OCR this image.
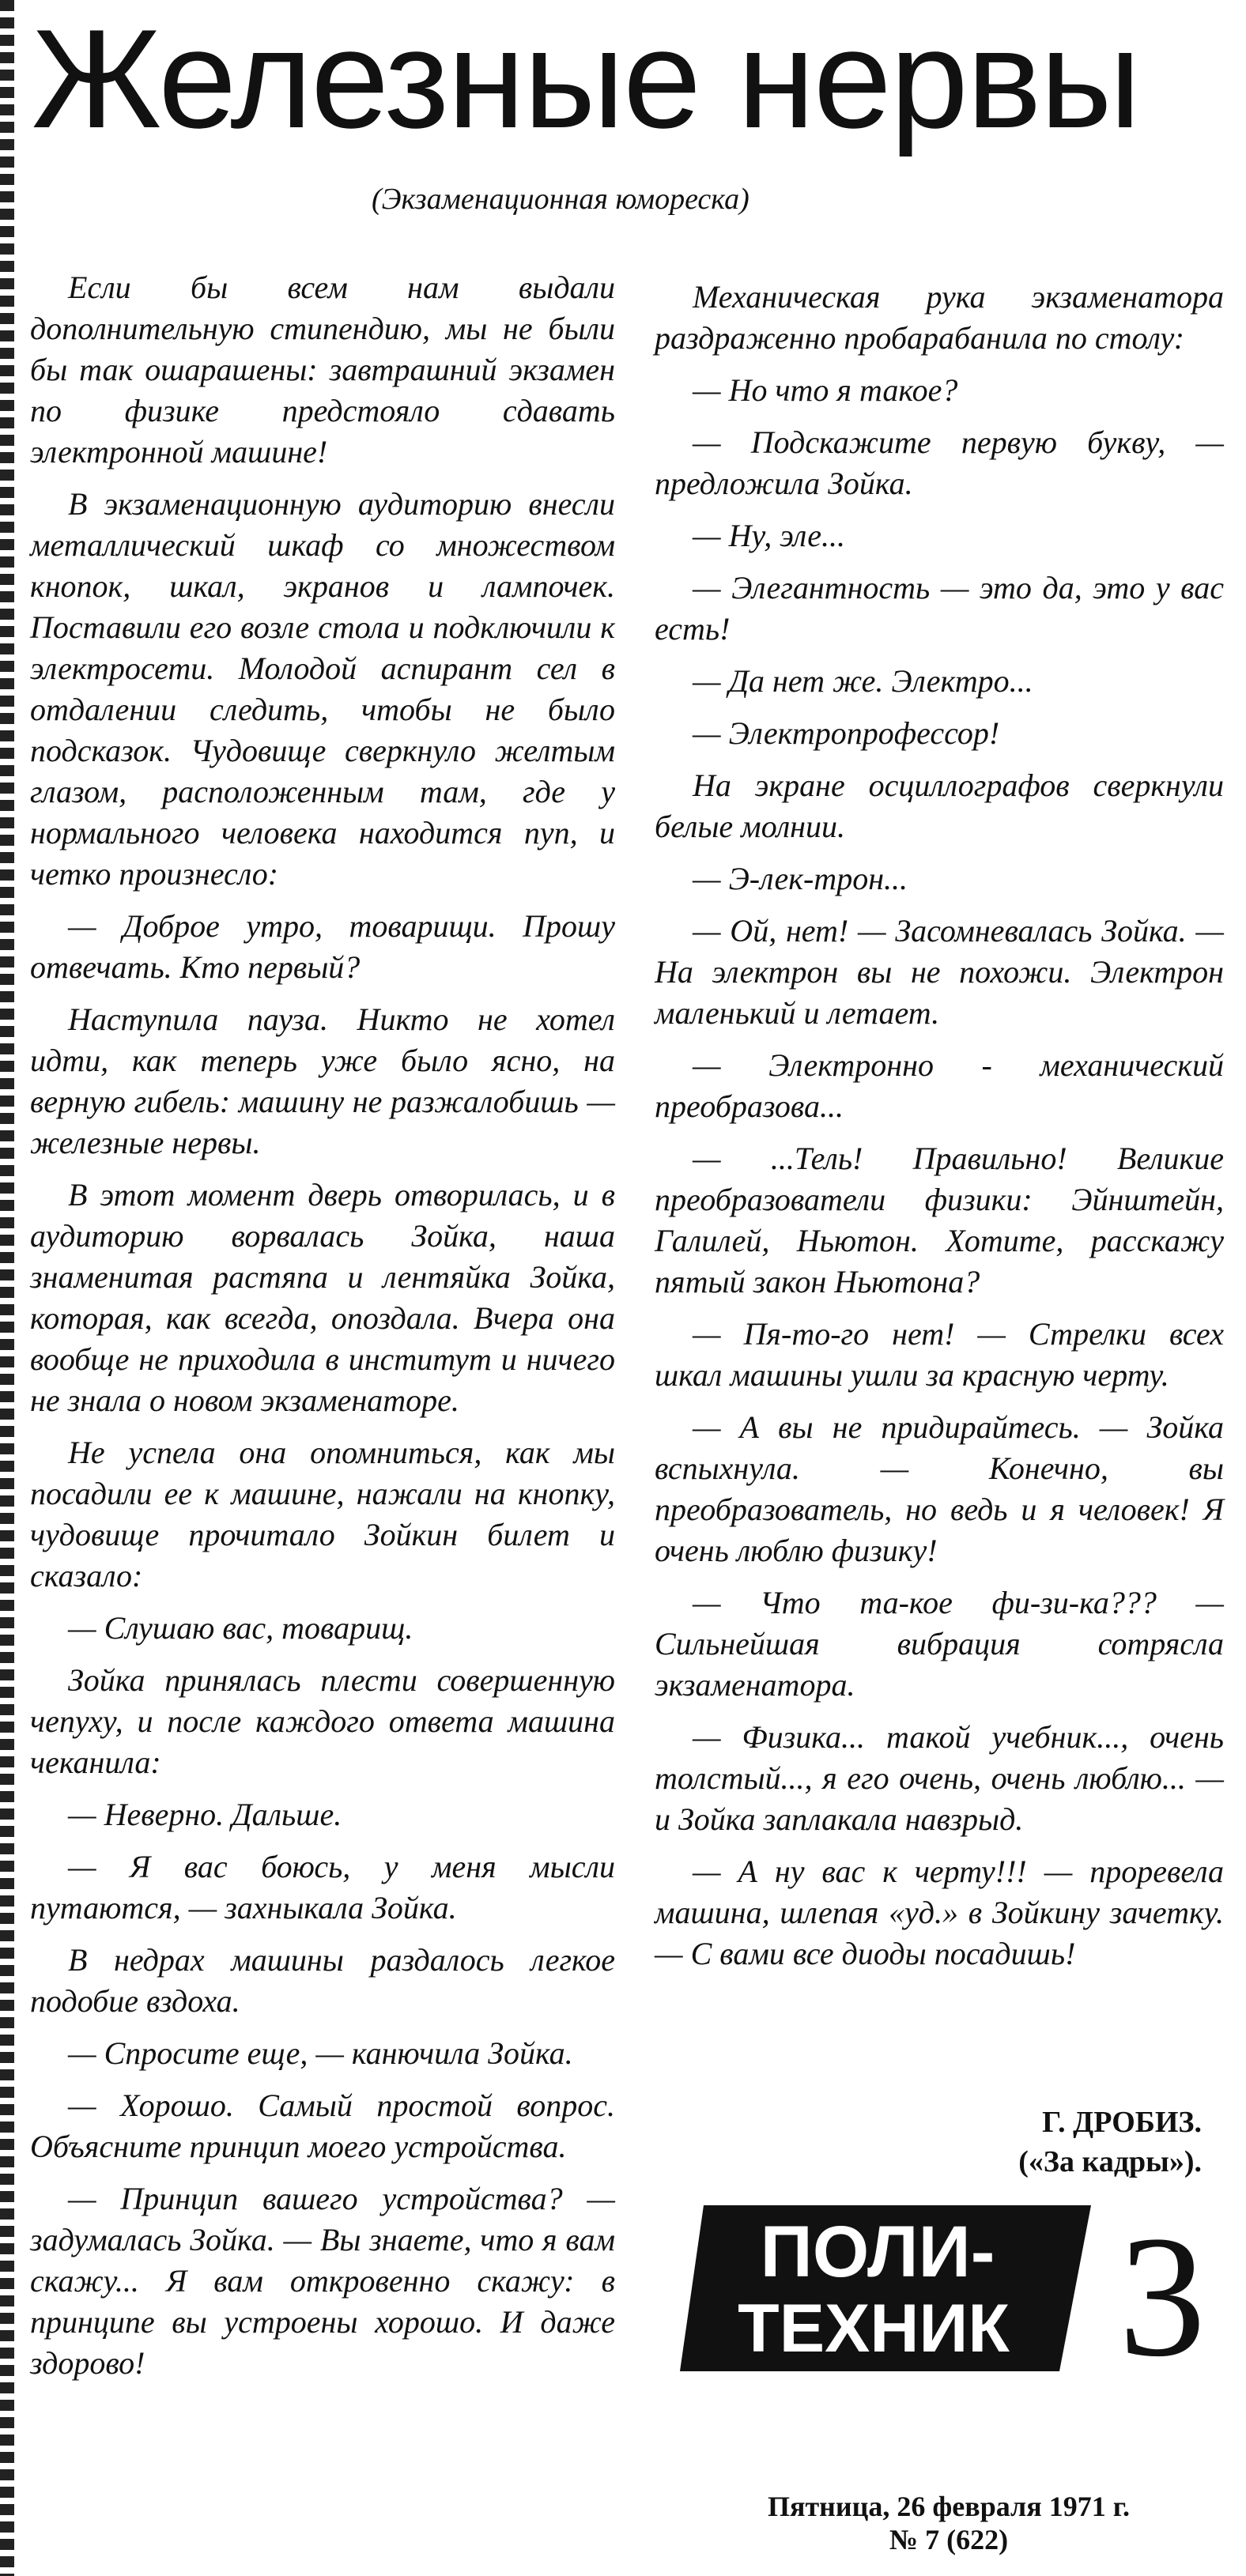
Железные нервы
(Экзаменационная юмореска)

Если бы всем нам выдали дополнительную стипендию, мы не были бы так ошарашены: завтрашний экзамен по физике предстояло сдавать электронной машине!

В экзаменационную аудиторию внесли металлический шкаф со множеством кнопок, шкал, экранов и лампочек. Поставили его возле стола и подключили к электросети. Молодой аспирант сел в отдалении следить, чтобы не было подсказок. Чудовище сверкнуло желтым глазом, расположенным там, где у нормального человека находится пуп, и четко произнесло:

— Доброе утро, товарищи. Прошу отвечать. Кто первый?

Наступила пауза. Никто не хотел идти, как теперь уже было ясно, на верную гибель: машину не разжалобишь — железные нервы.

В этот момент дверь отворилась, и в аудиторию ворвалась Зойка, наша знаменитая растяпа и лентяйка Зойка, которая, как всегда, опоздала. Вчера она вообще не приходила в институт и ничего не знала о новом экзаменаторе.

Не успела она опомниться, как мы посадили ее к машине, нажали на кнопку, чудовище прочитало Зойкин билет и сказало:

— Слушаю вас, товарищ.

Зойка принялась плести совершенную чепуху, и после каждого ответа машина чеканила:

— Неверно. Дальше.

— Я вас боюсь, у меня мысли путаются, — захныкала Зойка.

В недрах машины раздалось легкое подобие вздоха.

— Спросите еще, — канючила Зойка.

— Хорошо. Самый простой вопрос. Объясните принцип моего устройства.

— Принцип вашего устройства? — задумалась Зойка. — Вы знаете, что я вам скажу... Я вам откровенно скажу: в принципе вы устроены хорошо. И даже здорово!

Механическая рука экзаменатора раздраженно пробарабанила по столу:

— Но что я такое?

— Подскажите первую букву, — предложила Зойка.

— Ну, эле...

— Элегантность — это да, это у вас есть!

— Да нет же. Электро...

— Электропрофессор!

На экране осциллографов сверкнули белые молнии.

— Э-лек-трон...

— Ой, нет! — Засомневалась Зойка. — На электрон вы не похожи. Электрон маленький и летает.

— Электронно - механический преобразова...

— ...Тель! Правильно! Великие преобразователи физики: Эйнштейн, Галилей, Ньютон. Хотите, расскажу пятый закон Ньютона?

— Пя-то-го нет! — Стрелки всех шкал машины ушли за красную черту.

— А вы не придирайтесь. — Зойка вспыхнула. — Конечно, вы преобразователь, но ведь и я человек! Я очень люблю физику!

— Что та-кое фи-зи-ка??? — Сильнейшая вибрация сотрясла экзаменатора.

— Физика... такой учебник..., очень толстый..., я его очень, очень люблю... — и Зойка заплакала навзрыд.

— А ну вас к черту!!! — проревела машина, шлепая «уд.» в Зойкину зачетку. — С вами все диоды посадишь!

Г. ДРОБИЗ.
(«За кадры»).
ПОЛИ-
ТЕХНИК 3
Пятница, 26 февраля 1971 г.
№ 7 (622)
